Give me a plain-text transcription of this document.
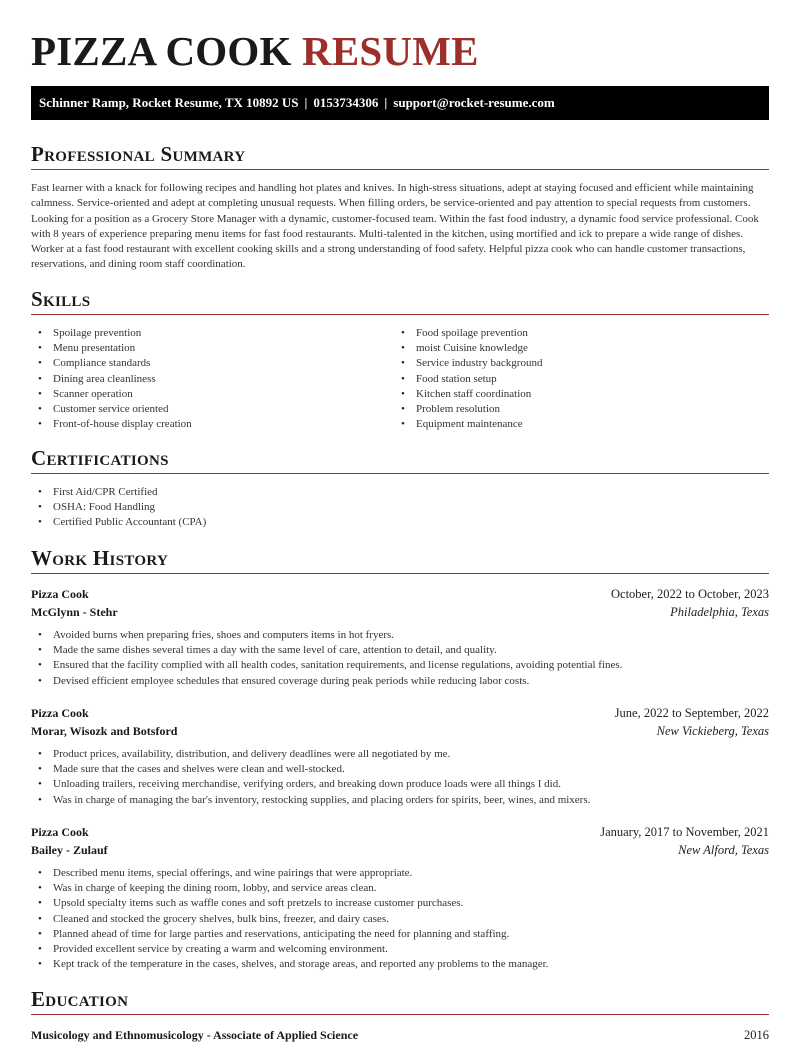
PIZZA COOK RESUME
Schinner Ramp, Rocket Resume, TX 10892 US | 0153734306 | support@rocket-resume.com
Professional Summary

Fast learner with a knack for following recipes and handling hot plates and knives. In high-stress situations, adept at staying focused and efficient while maintaining calmness. Service-oriented and adept at completing unusual requests. When filling orders, be service-oriented and pay attention to special requests from customers. Looking for a position as a Grocery Store Manager with a dynamic, customer-focused team. Within the fast food industry, a dynamic food service professional. Cook with 8 years of experience preparing menu items for fast food restaurants. Multi-talented in the kitchen, using mortified and ick to prepare a wide range of dishes. Worker at a fast food restaurant with excellent cooking skills and a strong understanding of food safety. Helpful pizza cook who can handle customer transactions, reservations, and dining room staff coordination.

Skills
• Spoilage prevention
• Menu presentation
• Compliance standards
• Dining area cleanliness
• Scanner operation
• Customer service oriented
• Front-of-house display creation
• Food spoilage prevention
• moist Cuisine knowledge
• Service industry background
• Food station setup
• Kitchen staff coordination
• Problem resolution
• Equipment maintenance
Certifications
• First Aid/CPR Certified
• OSHA: Food Handling
• Certified Public Accountant (CPA)
Work History
Pizza Cook	October, 2022 to October, 2023
McGlynn - Stehr	Philadelphia, Texas
• Avoided burns when preparing fries, shoes and computers items in hot fryers.
• Made the same dishes several times a day with the same level of care, attention to detail, and quality.
• Ensured that the facility complied with all health codes, sanitation requirements, and license regulations, avoiding potential fines.
• Devised efficient employee schedules that ensured coverage during peak periods while reducing labor costs.
Pizza Cook	June, 2022 to September, 2022
Morar, Wisozk and Botsford	New Vickieberg, Texas
• Product prices, availability, distribution, and delivery deadlines were all negotiated by me.
• Made sure that the cases and shelves were clean and well-stocked.
• Unloading trailers, receiving merchandise, verifying orders, and breaking down produce loads were all things I did.
• Was in charge of managing the bar's inventory, restocking supplies, and placing orders for spirits, beer, wines, and mixers.
Pizza Cook	January, 2017 to November, 2021
Bailey - Zulauf	New Alford, Texas
• Described menu items, special offerings, and wine pairings that were appropriate.
• Was in charge of keeping the dining room, lobby, and service areas clean.
• Upsold specialty items such as waffle cones and soft pretzels to increase customer purchases.
• Cleaned and stocked the grocery shelves, bulk bins, freezer, and dairy cases.
• Planned ahead of time for large parties and reservations, anticipating the need for planning and staffing.
• Provided excellent service by creating a warm and welcoming environment.
• Kept track of the temperature in the cases, shelves, and storage areas, and reported any problems to the manager.
Education
Musicology and Ethnomusicology - Associate of Applied Science	2016
